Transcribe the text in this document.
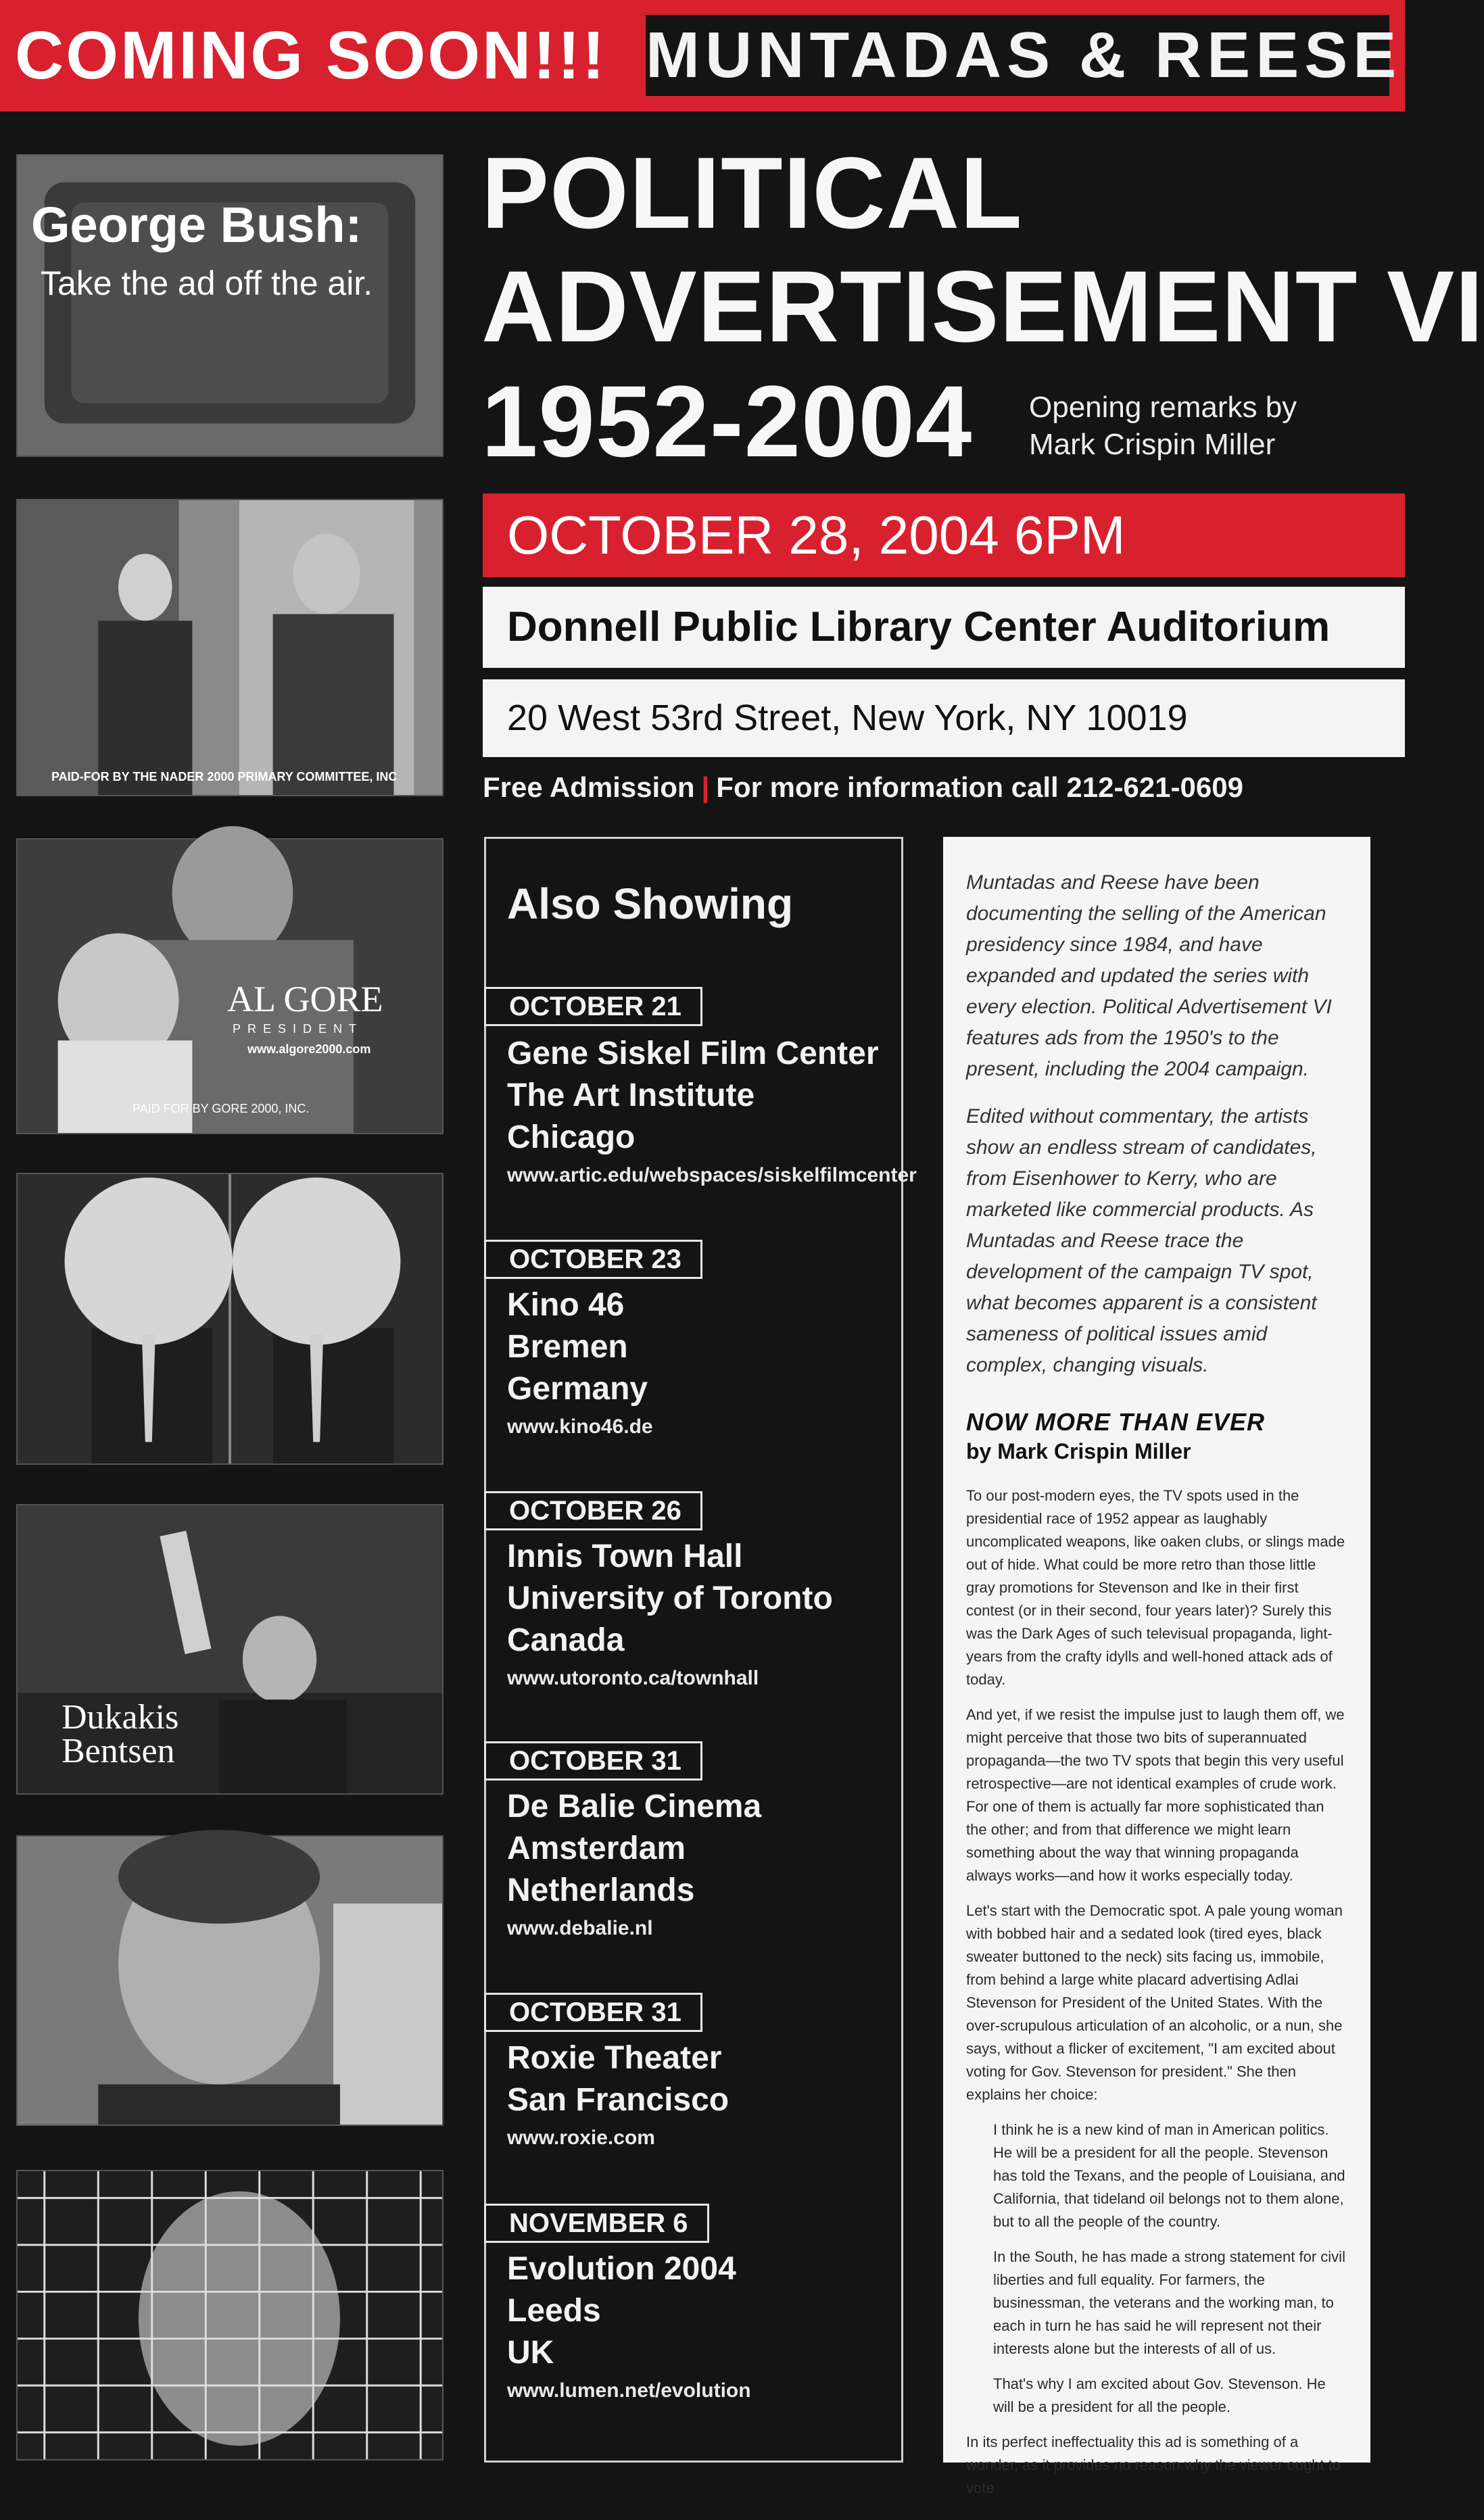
COMING SOON!!! MUNTADAS & REESE
POLITICAL
ADVERTISEMENT VI
1952-2004 Opening remarks by
Mark Crispin Miller
OCTOBER 28, 2004 6PM
Donnell Public Library Center Auditorium
20 West 53rd Street, New York, NY 10019
Free Admission | For more information call 212-621-0609
George Bush:
Take the ad off the air.
PAID-FOR BY THE NADER 2000 PRIMARY COMMITTEE, INC
AL GORE
PRESIDENT
www.algore2000.com
PAID FOR BY GORE 2000, INC.
Dukakis
Bentsen
Also Showing
OCTOBER 21
Gene Siskel Film Center
The Art Institute
Chicago
www.artic.edu/webspaces/siskelfilmcenter
OCTOBER 23
Kino 46
Bremen
Germany
www.kino46.de
OCTOBER 26
Innis Town Hall
University of Toronto
Canada
www.utoronto.ca/townhall
OCTOBER 31
De Balie Cinema
Amsterdam
Netherlands
www.debalie.nl
OCTOBER 31
Roxie Theater
San Francisco
www.roxie.com
NOVEMBER 6
Evolution 2004
Leeds
UK
www.lumen.net/evolution

Muntadas and Reese have been documenting the selling of the American presidency since 1984, and have expanded and updated the series with every election. Political Advertisement VI features ads from the 1950's to the present, including the 2004 campaign.

Edited without commentary, the artists show an endless stream of candidates, from Eisenhower to Kerry, who are marketed like commercial products. As Muntadas and Reese trace the development of the campaign TV spot, what becomes apparent is a consistent sameness of political issues amid complex, changing visuals.

NOW MORE THAN EVER
by Mark Crispin Miller

To our post-modern eyes, the TV spots used in the presidential race of 1952 appear as laughably uncomplicated weapons, like oaken clubs, or slings made out of hide. What could be more retro than those little gray promotions for Stevenson and Ike in their first contest (or in their second, four years later)? Surely this was the Dark Ages of such televisual propaganda, light-years from the crafty idylls and well-honed attack ads of today.

And yet, if we resist the impulse just to laugh them off, we might perceive that those two bits of superannuated propaganda—the two TV spots that begin this very useful retrospective—are not identical examples of crude work. For one of them is actually far more sophisticated than the other; and from that difference we might learn something about the way that winning propaganda always works—and how it works especially today.

Let's start with the Democratic spot. A pale young woman with bobbed hair and a sedated look (tired eyes, black sweater buttoned to the neck) sits facing us, immobile, from behind a large white placard advertising Adlai Stevenson for President of the United States. With the over-scrupulous articulation of an alcoholic, or a nun, she says, without a flicker of excitement, "I am excited about voting for Gov. Stevenson for president." She then explains her choice:

I think he is a new kind of man in American politics. He will be a president for all the people. Stevenson has told the Texans, and the people of Louisiana, and California, that tideland oil belongs not to them alone, but to all the people of the country.

In the South, he has made a strong statement for civil liberties and full equality. For farmers, the businessman, the veterans and the working man, to each in turn he has said he will represent not their interests alone but the interests of all of us.

That's why I am excited about Gov. Stevenson. He will be a president for all the people.

In its perfect ineffectuality this ad is something of a wonder, as it provides no reason why the viewer ought to vote
